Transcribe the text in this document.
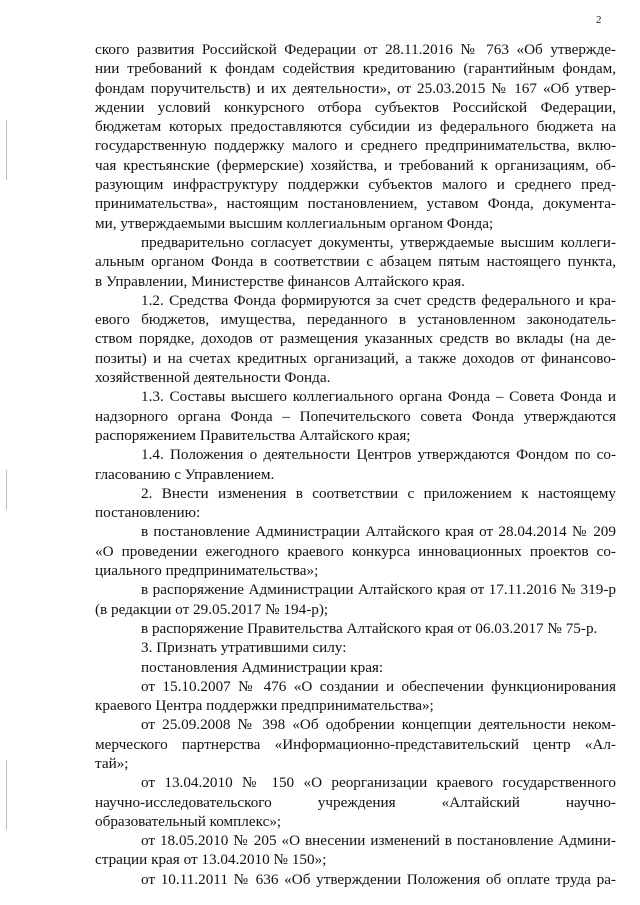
2
ского развития Российской Федерации от 28.11.2016 № 763 «Об утвержде-
нии требований к фондам содействия кредитованию (гарантийным фондам,
фондам поручительств) и их деятельности», от 25.03.2015 № 167 «Об утвер-
ждении условий конкурсного отбора субъектов Российской Федерации,
бюджетам которых предоставляются субсидии из федерального бюджета на
государственную поддержку малого и среднего предпринимательства, вклю-
чая крестьянские (фермерские) хозяйства, и требований к организациям, об-
разующим инфраструктуру поддержки субъектов малого и среднего пред-
принимательства», настоящим постановлением, уставом Фонда, документа-
ми, утверждаемыми высшим коллегиальным органом Фонда;
предварительно согласует документы, утверждаемые высшим коллеги-
альным органом Фонда в соответствии с абзацем пятым настоящего пункта,
в Управлении, Министерстве финансов Алтайского края.
1.2. Средства Фонда формируются за счет средств федерального и кра-
евого бюджетов, имущества, переданного в установленном законодатель-
ством порядке, доходов от размещения указанных средств во вклады (на де-
позиты) и на счетах кредитных организаций, а также доходов от финансово-
хозяйственной деятельности Фонда.
1.3. Составы высшего коллегиального органа Фонда – Совета Фонда и
надзорного органа Фонда – Попечительского совета Фонда утверждаются
распоряжением Правительства Алтайского края;
1.4. Положения о деятельности Центров утверждаются Фондом по со-
гласованию с Управлением.
2. Внести изменения в соответствии с приложением к настоящему
постановлению:
в постановление Администрации Алтайского края от 28.04.2014 № 209
«О проведении ежегодного краевого конкурса инновационных проектов со-
циального предпринимательства»;
в распоряжение Администрации Алтайского края от 17.11.2016 № 319-р
(в редакции от 29.05.2017 № 194-р);
в распоряжение Правительства Алтайского края от 06.03.2017 № 75-р.
3. Признать утратившими силу:
постановления Администрации края:
от 15.10.2007 № 476 «О создании и обеспечении функционирования
краевого Центра поддержки предпринимательства»;
от 25.09.2008 № 398 «Об одобрении концепции деятельности неком-
мерческого партнерства «Информационно-представительский центр «Ал-
тай»;
от 13.04.2010 № 150 «О реорганизации краевого государственного
научно-исследовательского учреждения «Алтайский научно-
образовательный комплекс»;
от 18.05.2010 № 205 «О внесении изменений в постановление Админи-
страции края от 13.04.2010 № 150»;
от 10.11.2011 № 636 «Об утверждении Положения об оплате труда ра-
